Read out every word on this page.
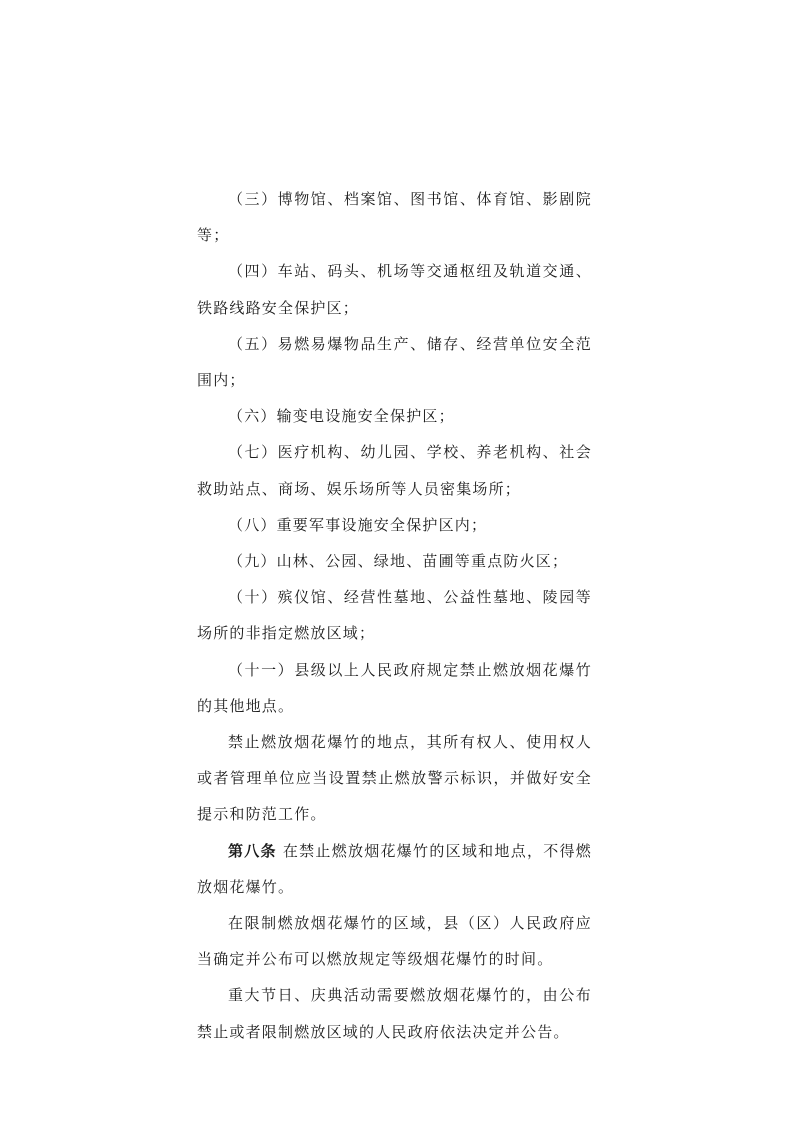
（三）博物馆、档案馆、图书馆、体育馆、影剧院等；

（四）车站、码头、机场等交通枢纽及轨道交通、铁路线路安全保护区；

（五）易燃易爆物品生产、储存、经营单位安全范围内；

（六）输变电设施安全保护区；

（七）医疗机构、幼儿园、学校、养老机构、社会救助站点、商场、娱乐场所等人员密集场所；

（八）重要军事设施安全保护区内；

（九）山林、公园、绿地、苗圃等重点防火区；

（十）殡仪馆、经营性墓地、公益性墓地、陵园等场所的非指定燃放区域；

（十一）县级以上人民政府规定禁止燃放烟花爆竹的其他地点。

禁止燃放烟花爆竹的地点，其所有权人、使用权人或者管理单位应当设置禁止燃放警示标识，并做好安全提示和防范工作。

第八条 在禁止燃放烟花爆竹的区域和地点，不得燃放烟花爆竹。

在限制燃放烟花爆竹的区域，县（区）人民政府应当确定并公布可以燃放规定等级烟花爆竹的时间。

重大节日、庆典活动需要燃放烟花爆竹的，由公布禁止或者限制燃放区域的人民政府依法决定并公告。
